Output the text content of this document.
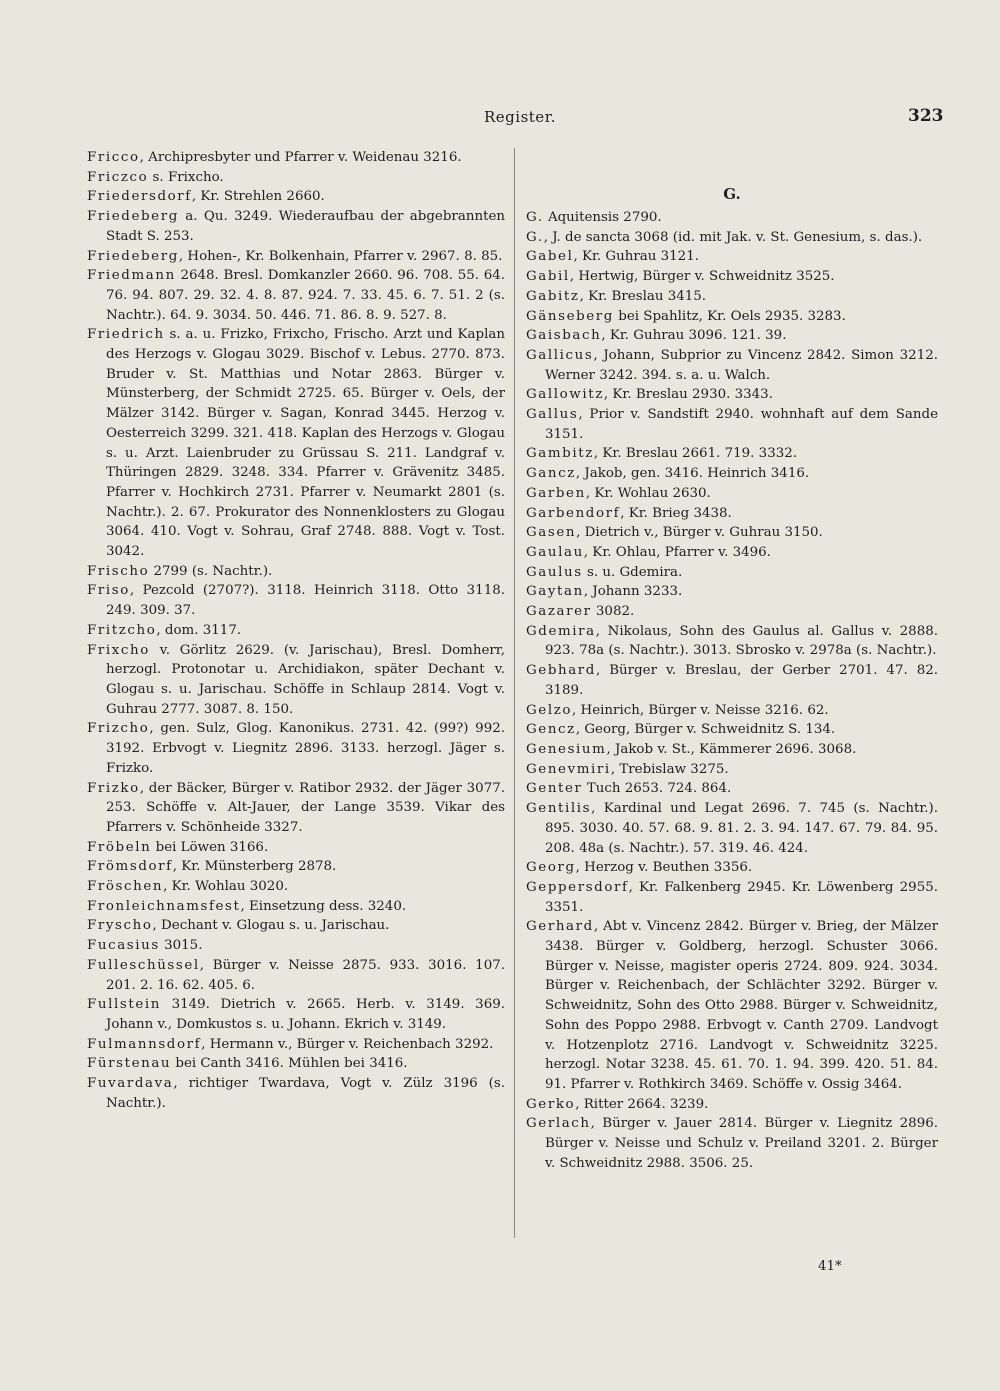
Register.	323

Fricco, Archipresbyter und Pfarrer v. Weidenau 3216.

Friczco s. Frixcho.

Friedersdorf, Kr. Strehlen 2660.

Friedeberg a. Qu. 3249. Wiederaufbau der abgebrannten Stadt S. 253.

Friedeberg, Hohen-, Kr. Bolkenhain, Pfarrer v. 2967. 8. 85.

Friedmann 2648. Bresl. Domkanzler 2660. 96. 708. 55. 64. 76. 94. 807. 29. 32. 4. 8. 87. 924. 7. 33. 45. 6. 7. 51. 2 (s. Nachtr.). 64. 9. 3034. 50. 446. 71. 86. 8. 9. 527. 8.

Friedrich s. a. u. Frizko, Frixcho, Frischo. Arzt und Kaplan des Herzogs v. Glogau 3029. Bischof v. Lebus. 2770. 873. Bruder v. St. Matthias und Notar 2863. Bürger v. Münsterberg, der Schmidt 2725. 65. Bürger v. Oels, der Mälzer 3142. Bürger v. Sagan, Konrad 3445. Herzog v. Oesterreich 3299. 321. 418. Kaplan des Herzogs v. Glogau s. u. Arzt. Laienbruder zu Grüssau S. 211. Landgraf v. Thüringen 2829. 3248. 334. Pfarrer v. Grävenitz 3485. Pfarrer v. Hochkirch 2731. Pfarrer v. Neumarkt 2801 (s. Nachtr.). 2. 67. Prokurator des Nonnenklosters zu Glogau 3064. 410. Vogt v. Sohrau, Graf 2748. 888. Vogt v. Tost. 3042.

Frischo 2799 (s. Nachtr.).

Friso, Pezcold (2707?). 3118. Heinrich 3118. Otto 3118. 249. 309. 37.

Fritzcho, dom. 3117.

Frixcho v. Görlitz 2629. (v. Jarischau), Bresl. Domherr, herzogl. Protonotar u. Archidiakon, später Dechant v. Glogau s. u. Jarischau. Schöffe in Schlaup 2814. Vogt v. Guhrau 2777. 3087. 8. 150.

Frizcho, gen. Sulz, Glog. Kanonikus. 2731. 42. (99?) 992. 3192. Erbvogt v. Liegnitz 2896. 3133. herzogl. Jäger s. Frizko.

Frizko, der Bäcker, Bürger v. Ratibor 2932. der Jäger 3077. 253. Schöffe v. Alt-Jauer, der Lange 3539. Vikar des Pfarrers v. Schönheide 3327.

Fröbeln bei Löwen 3166.

Frömsdorf, Kr. Münsterberg 2878.

Fröschen, Kr. Wohlau 3020.

Fronleichnamsfest, Einsetzung dess. 3240.

Fryscho, Dechant v. Glogau s. u. Jarischau.

Fucasius 3015.

Fulleschüssel, Bürger v. Neisse 2875. 933. 3016. 107. 201. 2. 16. 62. 405. 6.

Fullstein 3149. Dietrich v. 2665. Herb. v. 3149. 369. Johann v., Domkustos s. u. Johann. Ekrich v. 3149.

Fulmannsdorf, Hermann v., Bürger v. Reichenbach 3292.

Fürstenau bei Canth 3416. Mühlen bei 3416.

Fuvardava, richtiger Twardava, Vogt v. Zülz 3196 (s. Nachtr.).

G.

G. Aquitensis 2790.

G., J. de sancta 3068 (id. mit Jak. v. St. Genesium, s. das.).

Gabel, Kr. Guhrau 3121.

Gabil, Hertwig, Bürger v. Schweidnitz 3525.

Gabitz, Kr. Breslau 3415.

Gänseberg bei Spahlitz, Kr. Oels 2935. 3283.

Gaisbach, Kr. Guhrau 3096. 121. 39.

Gallicus, Johann, Subprior zu Vincenz 2842. Simon 3212. Werner 3242. 394. s. a. u. Walch.

Gallowitz, Kr. Breslau 2930. 3343.

Gallus, Prior v. Sandstift 2940. wohnhaft auf dem Sande 3151.

Gambitz, Kr. Breslau 2661. 719. 3332.

Gancz, Jakob, gen. 3416. Heinrich 3416.

Garben, Kr. Wohlau 2630.

Garbendorf, Kr. Brieg 3438.

Gasen, Dietrich v., Bürger v. Guhrau 3150.

Gaulau, Kr. Ohlau, Pfarrer v. 3496.

Gaulus s. u. Gdemira.

Gaytan, Johann 3233.

Gazarer 3082.

Gdemira, Nikolaus, Sohn des Gaulus al. Gallus v. 2888. 923. 78a (s. Nachtr.). 3013. Sbrosko v. 2978a (s. Nachtr.).

Gebhard, Bürger v. Breslau, der Gerber 2701. 47. 82. 3189.

Gelzo, Heinrich, Bürger v. Neisse 3216. 62.

Gencz, Georg, Bürger v. Schweidnitz S. 134.

Genesium, Jakob v. St., Kämmerer 2696. 3068.

Genevmiri, Trebislaw 3275.

Genter Tuch 2653. 724. 864.

Gentilis, Kardinal und Legat 2696. 7. 745 (s. Nachtr.). 895. 3030. 40. 57. 68. 9. 81. 2. 3. 94. 147. 67. 79. 84. 95. 208. 48a (s. Nachtr.). 57. 319. 46. 424.

Georg, Herzog v. Beuthen 3356.

Geppersdorf, Kr. Falkenberg 2945. Kr. Löwenberg 2955. 3351.

Gerhard, Abt v. Vincenz 2842. Bürger v. Brieg, der Mälzer 3438. Bürger v. Goldberg, herzogl. Schuster 3066. Bürger v. Neisse, magister operis 2724. 809. 924. 3034. Bürger v. Reichenbach, der Schlächter 3292. Bürger v. Schweidnitz, Sohn des Otto 2988. Bürger v. Schweidnitz, Sohn des Poppo 2988. Erbvogt v. Canth 2709. Landvogt v. Hotzenplotz 2716. Landvogt v. Schweidnitz 3225. herzogl. Notar 3238. 45. 61. 70. 1. 94. 399. 420. 51. 84. 91. Pfarrer v. Rothkirch 3469. Schöffe v. Ossig 3464.

Gerko, Ritter 2664. 3239.

Gerlach, Bürger v. Jauer 2814. Bürger v. Liegnitz 2896. Bürger v. Neisse und Schulz v. Preiland 3201. 2. Bürger v. Schweidnitz 2988. 3506. 25.

41*
